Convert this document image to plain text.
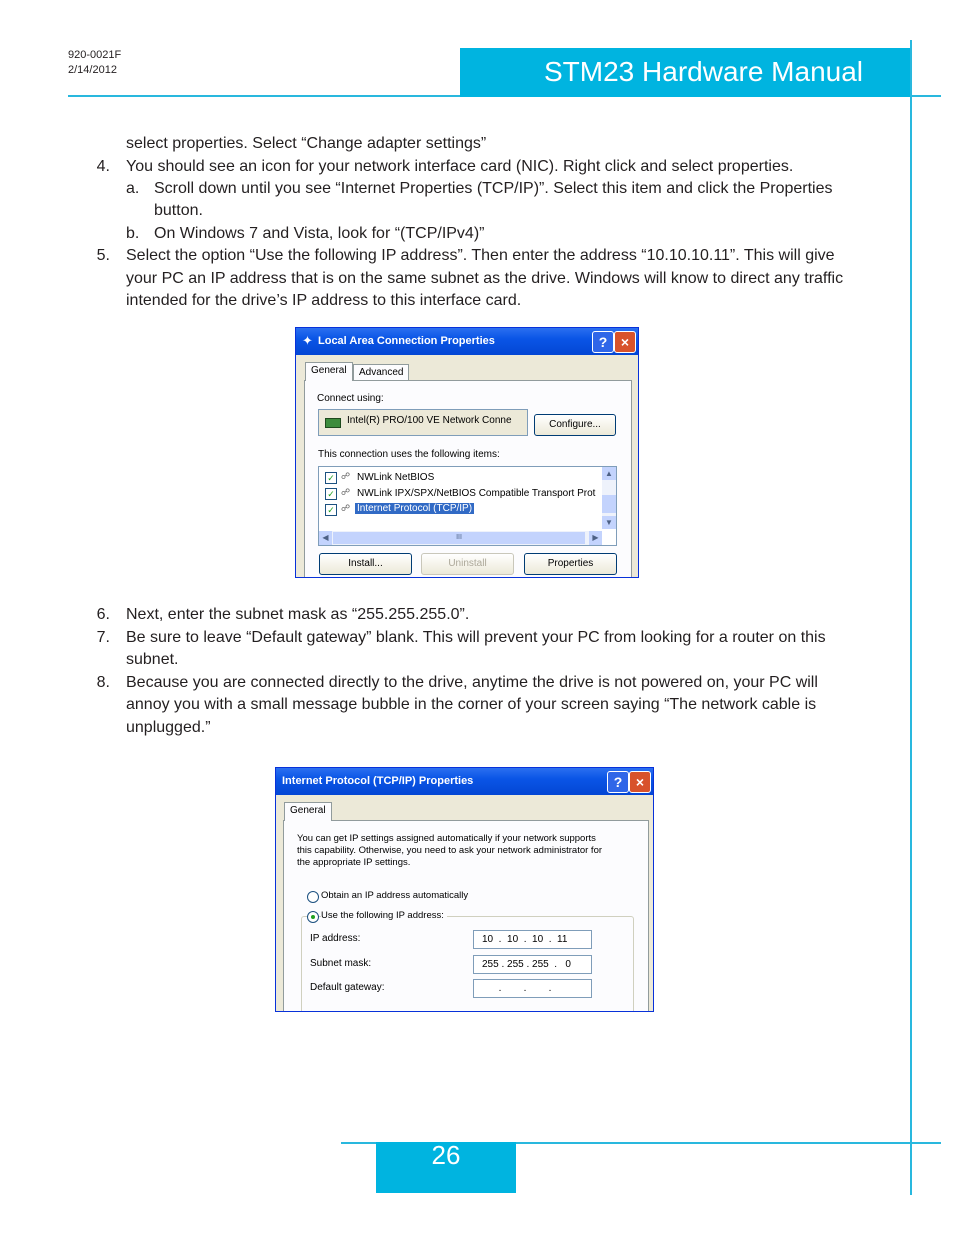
920-0021F
2/14/2012	STM23 Hardware Manual
select properties. Select “Change adapter settings”
4. You should see an icon for your network interface card (NIC). Right click and select properties.
a. Scroll down until you see “Internet Properties (TCP/IP)”. Select this item and click the Properties
button.
b. On Windows 7 and Vista, look for “(TCP/IPv4)”
5. Select the option “Use the following IP address”. Then enter the address “10.10.10.11”. This will give
your PC an IP address that is on the same subnet as the drive. Windows will know to direct any traffic
intended for the drive’s IP address to this interface card.
✦ Local Area Connection Properties	? ×
General	Advanced
Connect using:
Intel(R) PRO/100 VE Network Conne	Configure...
This connection uses the following items:
✓ ☍ NWLink NetBIOS
✓ ☍ NWLink IPX/SPX/NetBIOS Compatible Transport Prot
✓ ☍ Internet Protocol (TCP/IP)
▲
▼
◀	III	▶
Install...	Uninstall	Properties
6. Next, enter the subnet mask as “255.255.255.0”.
7. Be sure to leave “Default gateway” blank. This will prevent your PC from looking for a router on this
subnet.
8. Because you are connected directly to the drive, anytime the drive is not powered on, your PC will
annoy you with a small message bubble in the corner of your screen saying “The network cable is
unplugged.”
Internet Protocol (TCP/IP) Properties	? ×
General
You can get IP settings assigned automatically if your network supports
this capability. Otherwise, you need to ask your network administrator for
the appropriate IP settings.
Obtain an IP address automatically
Use the following IP address:
IP address:	10  .  10  .  10  .  11
Subnet mask:	255 . 255 . 255  .   0
Default gateway:	.        .        .
26
